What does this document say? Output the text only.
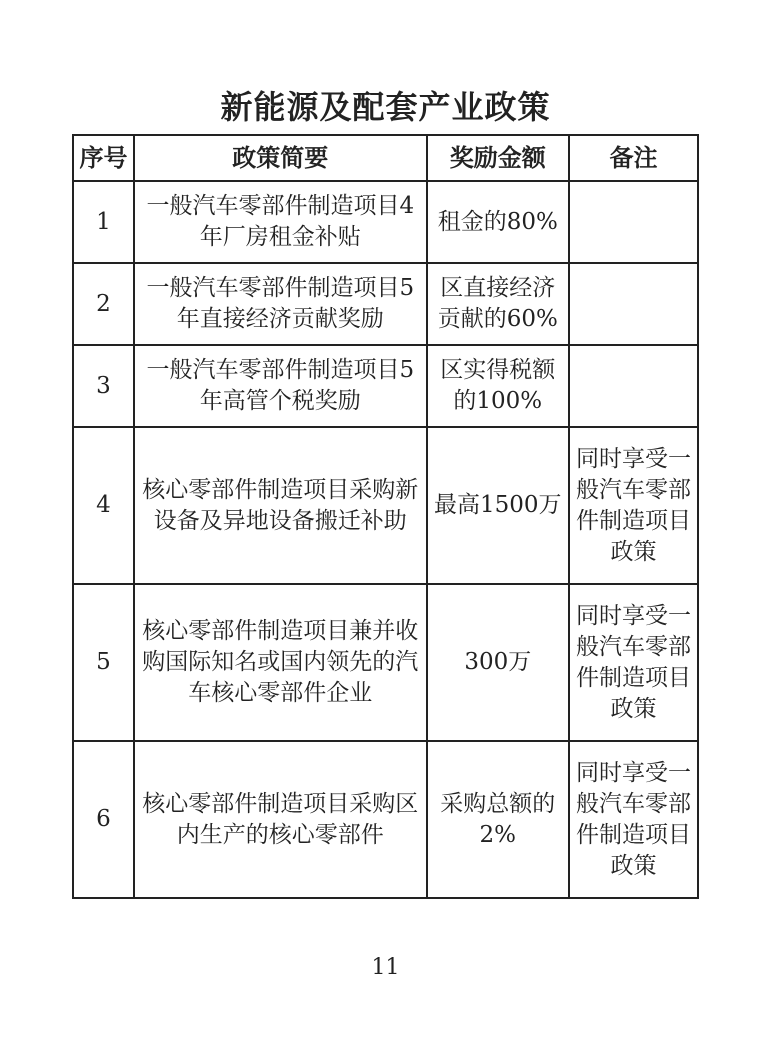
新能源及配套产业政策
序号	政策简要	奖励金额	备注
1	一般汽车零部件制造项目4年厂房租金补贴	租金的80%	
2	一般汽车零部件制造项目5年直接经济贡献奖励	区直接经济贡献的60%	
3	一般汽车零部件制造项目5年高管个税奖励	区实得税额的100%	
4	核心零部件制造项目采购新设备及异地设备搬迁补助	最高1500万	同时享受一般汽车零部件制造项目政策
5	核心零部件制造项目兼并收购国际知名或国内领先的汽车核心零部件企业	300万	同时享受一般汽车零部件制造项目政策
6	核心零部件制造项目采购区内生产的核心零部件	采购总额的2%	同时享受一般汽车零部件制造项目政策
11
